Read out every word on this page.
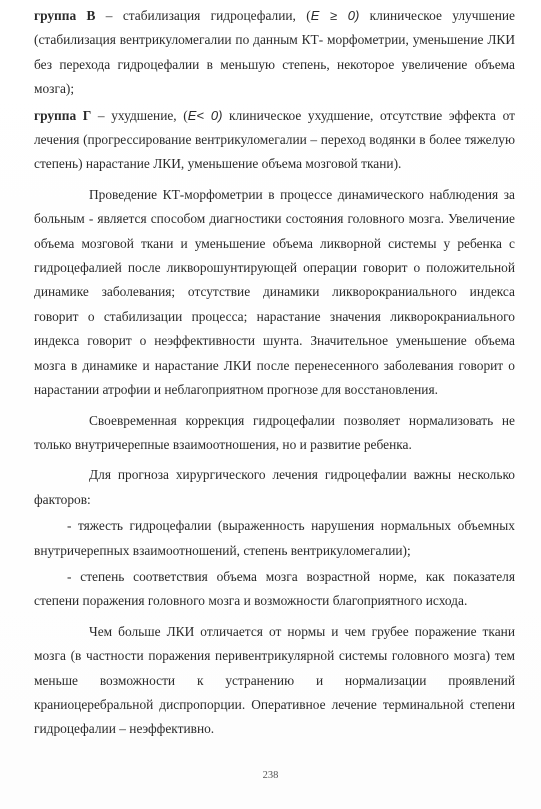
группа В – стабилизация гидроцефалии, (E ≥ 0) клиническое улучшение (стабилизация вентрикуломегалии по данным КТ- морфометрии, уменьшение ЛКИ без перехода гидроцефалии в меньшую степень, некоторое увеличение объема мозга);

группа Г – ухудшение, (E< 0) клиническое ухудшение, отсутствие эффекта от лечения (прогрессирование вентрикуломегалии – переход водянки в более тяжелую степень) нарастание ЛКИ, уменьшение объема мозговой ткани).

Проведение КТ-морфометрии в процессе динамического наблюдения за больным - является способом диагностики состояния головного мозга. Увеличение объема мозговой ткани и уменьшение объема ликворной системы у ребенка с гидроцефалией после ликворошунтирующей операции говорит о положительной динамике заболевания; отсутствие динамики ликворокраниального индекса говорит о стабилизации процесса; нарастание значения ликворокраниального индекса говорит о неэффективности шунта. Значительное уменьшение объема мозга в динамике и нарастание ЛКИ после перенесенного заболевания говорит о нарастании атрофии и неблагоприятном прогнозе для восстановления.

Своевременная коррекция гидроцефалии позволяет нормализовать не только внутричерепные взаимоотношения, но и развитие ребенка.

Для прогноза хирургического лечения гидроцефалии важны несколько факторов:

- тяжесть гидроцефалии (выраженность нарушения нормальных объемных внутричерепных взаимоотношений, степень вентрикуломегалии);

- степень соответствия объема мозга возрастной норме, как показателя степени поражения головного мозга и возможности благоприятного исхода.

Чем больше ЛКИ отличается от нормы и чем грубее поражение ткани мозга (в частности поражения перивентрикулярной системы головного мозга) тем меньше возможности к устранению и нормализации проявлений краниоцеребральной диспропорции. Оперативное лечение терминальной степени гидроцефалии – неэффективно.

238
